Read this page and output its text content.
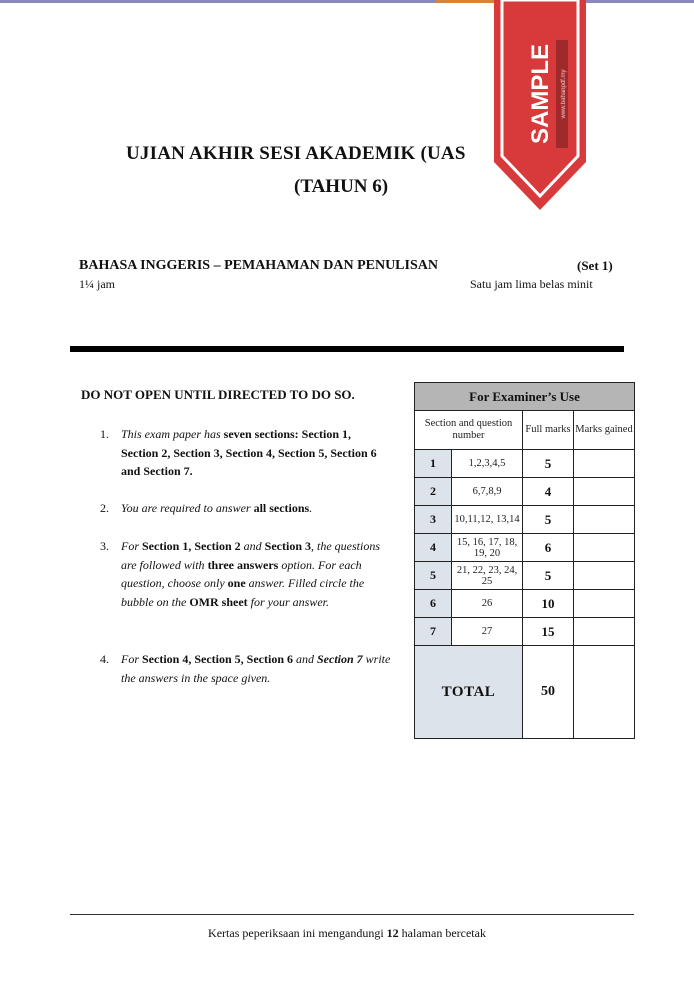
UJIAN AKHIR SESI AKADEMIK (UAS
(TAHUN 6)
SAMPLE www.bahanpdf.my
BAHASA INGGERIS – PEMAHAMAN DAN PENULISAN	(Set 1)
1¼ jam	Satu jam lima belas minit
DO NOT OPEN UNTIL DIRECTED TO DO SO.
1. This exam paper has seven sections: Section 1, Section 2, Section 3, Section 4, Section 5, Section 6 and Section 7.
2. You are required to answer all sections.
3. For Section 1, Section 2 and Section 3, the questions are followed with three answers option. For each question, choose only one answer. Filled circle the bubble on the OMR sheet for your answer.
4. For Section 4, Section 5, Section 6 and Section 7 write the answers in the space given.
For Examiner’s Use			
Section and question number		Full marks	Marks gained
1	1,2,3,4,5	5	
2	6,7,8,9	4	
3	10,11,12, 13,14	5	
4	15, 16, 17, 18, 19, 20	6	
5	21, 22, 23, 24, 25	5	
6	26	10	
7	27	15	
TOTAL		50	
Kertas peperiksaan ini mengandungi 12 halaman bercetak
